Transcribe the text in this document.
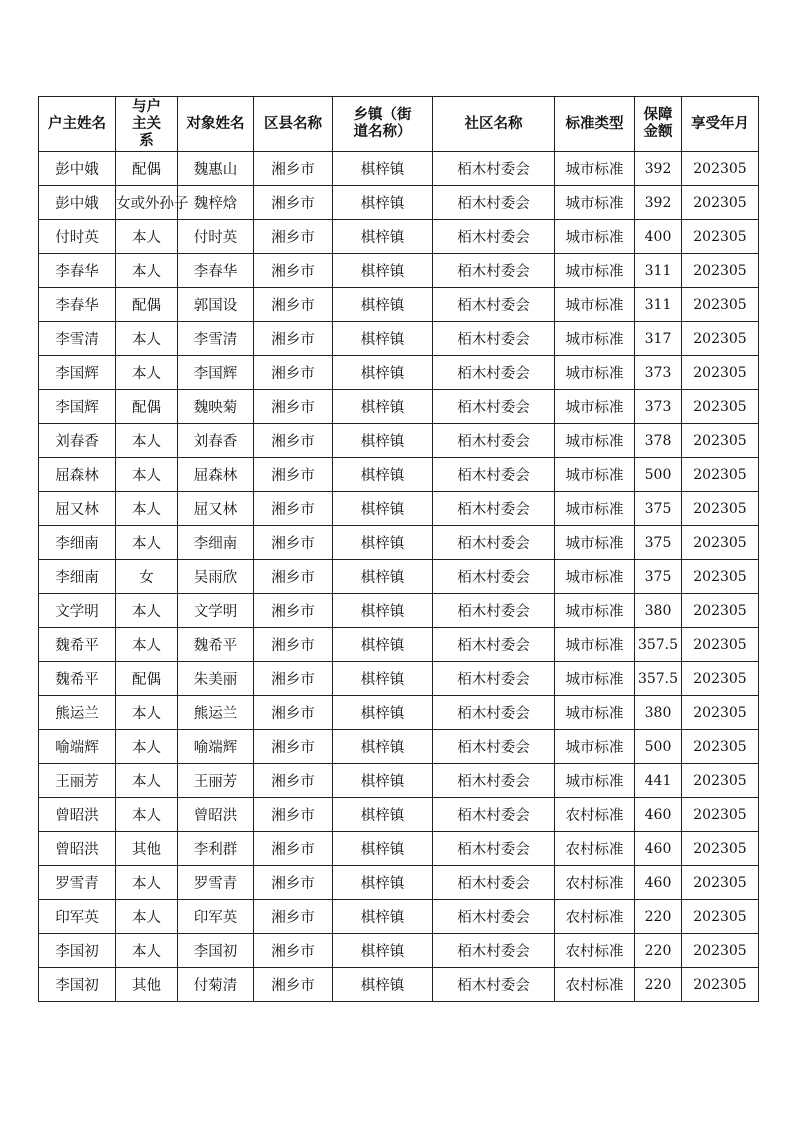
户主姓名	与户主关系	对象姓名	区县名称	乡镇（街道名称）	社区名称	标准类型	保障金额	享受年月
彭中娥	配偶	魏惠山	湘乡市	棋梓镇	栢木村委会	城市标准	392	202305
彭中娥	女或外孙子	魏梓焓	湘乡市	棋梓镇	栢木村委会	城市标准	392	202305
付时英	本人	付时英	湘乡市	棋梓镇	栢木村委会	城市标准	400	202305
李春华	本人	李春华	湘乡市	棋梓镇	栢木村委会	城市标准	311	202305
李春华	配偶	郭国设	湘乡市	棋梓镇	栢木村委会	城市标准	311	202305
李雪清	本人	李雪清	湘乡市	棋梓镇	栢木村委会	城市标准	317	202305
李国辉	本人	李国辉	湘乡市	棋梓镇	栢木村委会	城市标准	373	202305
李国辉	配偶	魏映菊	湘乡市	棋梓镇	栢木村委会	城市标准	373	202305
刘春香	本人	刘春香	湘乡市	棋梓镇	栢木村委会	城市标准	378	202305
屈森林	本人	屈森林	湘乡市	棋梓镇	栢木村委会	城市标准	500	202305
屈又林	本人	屈又林	湘乡市	棋梓镇	栢木村委会	城市标准	375	202305
李细南	本人	李细南	湘乡市	棋梓镇	栢木村委会	城市标准	375	202305
李细南	女	吴雨欣	湘乡市	棋梓镇	栢木村委会	城市标准	375	202305
文学明	本人	文学明	湘乡市	棋梓镇	栢木村委会	城市标准	380	202305
魏希平	本人	魏希平	湘乡市	棋梓镇	栢木村委会	城市标准	357.5	202305
魏希平	配偶	朱美丽	湘乡市	棋梓镇	栢木村委会	城市标准	357.5	202305
熊运兰	本人	熊运兰	湘乡市	棋梓镇	栢木村委会	城市标准	380	202305
喻端辉	本人	喻端辉	湘乡市	棋梓镇	栢木村委会	城市标准	500	202305
王丽芳	本人	王丽芳	湘乡市	棋梓镇	栢木村委会	城市标准	441	202305
曾昭洪	本人	曾昭洪	湘乡市	棋梓镇	栢木村委会	农村标准	460	202305
曾昭洪	其他	李利群	湘乡市	棋梓镇	栢木村委会	农村标准	460	202305
罗雪青	本人	罗雪青	湘乡市	棋梓镇	栢木村委会	农村标准	460	202305
印军英	本人	印军英	湘乡市	棋梓镇	栢木村委会	农村标准	220	202305
李国初	本人	李国初	湘乡市	棋梓镇	栢木村委会	农村标准	220	202305
李国初	其他	付菊清	湘乡市	棋梓镇	栢木村委会	农村标准	220	202305
